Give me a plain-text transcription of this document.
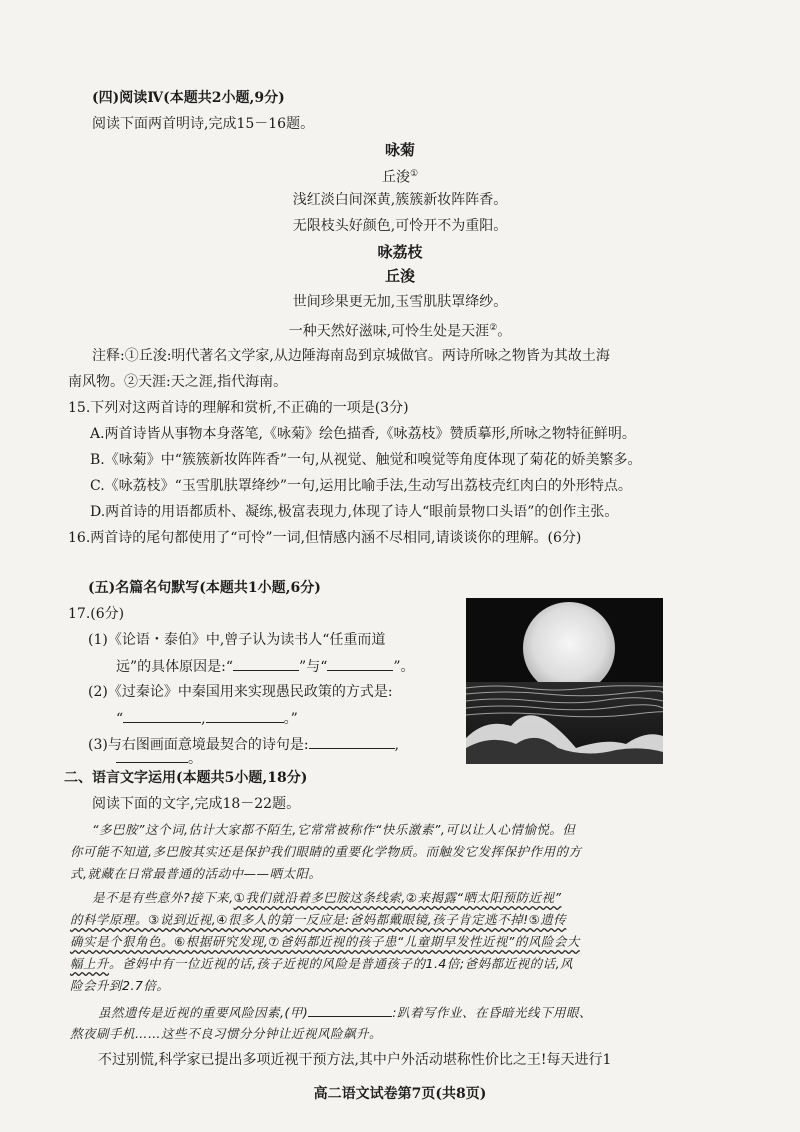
(四)阅读Ⅳ(本题共2小题,9分)
阅读下面两首明诗,完成15－16题。
咏菊
丘浚①
浅红淡白间深黄,簇簇新妆阵阵香。
无限枝头好颜色,可怜开不为重阳。
咏荔枝
丘浚
世间珍果更无加,玉雪肌肤罩绛纱。
一种天然好滋味,可怜生处是天涯②。
注释:①丘浚:明代著名文学家,从边陲海南岛到京城做官。两诗所咏之物皆为其故土海
南风物。②天涯:天之涯,指代海南。
15.下列对这两首诗的理解和赏析,不正确的一项是(3分)
A.两首诗皆从事物本身落笔,《咏菊》绘色描香,《咏荔枝》赞质摹形,所咏之物特征鲜明。
B.《咏菊》中“簇簇新妆阵阵香”一句,从视觉、触觉和嗅觉等角度体现了菊花的娇美繁多。
C.《咏荔枝》“玉雪肌肤罩绛纱”一句,运用比喻手法,生动写出荔枝壳红肉白的外形特点。
D.两首诗的用语都质朴、凝练,极富表现力,体现了诗人“眼前景物口头语”的创作主张。
16.两首诗的尾句都使用了“可怜”一词,但情感内涵不尽相同,请谈谈你的理解。(6分)
(五)名篇名句默写(本题共1小题,6分)
17.(6分)
(1)《论语・泰伯》中,曾子认为读书人“任重而道
远”的具体原因是:“	”与“	”。
(2)《过秦论》中秦国用来实现愚民政策的方式是:
“	,	。”
(3)与右图画面意境最契合的诗句是:	,
。
二、语言文字运用(本题共5小题,18分)
阅读下面的文字,完成18－22题。
“多巴胺”这个词,估计大家都不陌生,它常常被称作“快乐激素”,可以让人心情愉悦。但
你可能不知道,多巴胺其实还是保护我们眼睛的重要化学物质。而触发它发挥保护作用的方
式,就藏在日常最普通的活动中——晒太阳。
是不是有些意外?接下来,①我们就沿着多巴胺这条线索,②来揭露“晒太阳预防近视”
的科学原理。③说到近视,④很多人的第一反应是:爸妈都戴眼镜,孩子肯定逃不掉!⑤遗传
确实是个狠角色。⑥根据研究发现,⑦爸妈都近视的孩子患“儿童期早发性近视”的风险会大
幅上升。爸妈中有一位近视的话,孩子近视的风险是普通孩子的1.4倍;爸妈都近视的话,风
险会升到2.7倍。
虽然遗传是近视的重要风险因素,(甲)	:趴着写作业、在昏暗光线下用眼、
熬夜刷手机……这些不良习惯分分钟让近视风险飙升。
不过别慌,科学家已提出多项近视干预方法,其中户外活动堪称性价比之王!每天进行1
高二语文试卷第7页(共8页)
